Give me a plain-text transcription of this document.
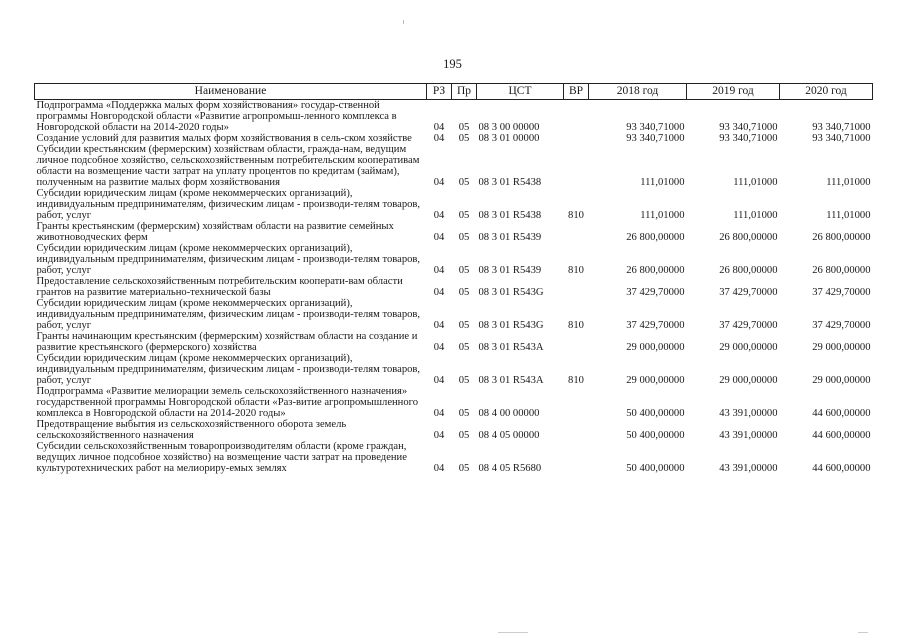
195
Наименование	РЗ	Пр	ЦСТ	ВР	2018 год	2019 год	2020 год
Подпрограмма «Поддержка малых форм хозяйствования» государ-ственной программы Новгородской области «Развитие агропромыш-ленного комплекса в Новгородской области на 2014-2020 годы»	04	05	08 3 00 00000		93 340,71000	93 340,71000	93 340,71000
Создание условий для развития малых форм хозяйствования в сель-ском хозяйстве	04	05	08 3 01 00000		93 340,71000	93 340,71000	93 340,71000
Субсидии крестьянским (фермерским) хозяйствам области, гражда-нам, ведущим личное подсобное хозяйство, сельскохозяйственным потребительским кооперативам области на возмещение части затрат на уплату процентов по кредитам (займам), полученным на развитие малых форм хозяйствования	04	05	08 3 01 R5438		111,01000	111,01000	111,01000
Субсидии юридическим лицам (кроме некоммерческих организаций), индивидуальным предпринимателям, физическим лицам - производи-телям товаров, работ, услуг	04	05	08 3 01 R5438	810	111,01000	111,01000	111,01000
Гранты крестьянским (фермерским) хозяйствам области на развитие семейных животноводческих ферм	04	05	08 3 01 R5439		26 800,00000	26 800,00000	26 800,00000
Субсидии юридическим лицам (кроме некоммерческих организаций), индивидуальным предпринимателям, физическим лицам - производи-телям товаров, работ, услуг	04	05	08 3 01 R5439	810	26 800,00000	26 800,00000	26 800,00000
Предоставление сельскохозяйственным потребительским кооперати-вам области грантов на развитие материально-технической базы	04	05	08 3 01 R543G		37 429,70000	37 429,70000	37 429,70000
Субсидии юридическим лицам (кроме некоммерческих организаций), индивидуальным предпринимателям, физическим лицам - производи-телям товаров, работ, услуг	04	05	08 3 01 R543G	810	37 429,70000	37 429,70000	37 429,70000
Гранты начинающим крестьянским (фермерским) хозяйствам области на создание и развитие крестьянского (фермерского) хозяйства	04	05	08 3 01 R543A		29 000,00000	29 000,00000	29 000,00000
Субсидии юридическим лицам (кроме некоммерческих организаций), индивидуальным предпринимателям, физическим лицам - производи-телям товаров, работ, услуг	04	05	08 3 01 R543A	810	29 000,00000	29 000,00000	29 000,00000
Подпрограмма «Развитие мелиорации земель сельскохозяйственного назначения» государственной программы Новгородской области «Раз-витие агропромышленного комплекса в Новгородской области на 2014-2020 годы»	04	05	08 4 00 00000		50 400,00000	43 391,00000	44 600,00000
Предотвращение выбытия из сельскохозяйственного оборота земель сельскохозяйственного назначения	04	05	08 4 05 00000		50 400,00000	43 391,00000	44 600,00000
Субсидии сельскохозяйственным товаропроизводителям области (кроме граждан, ведущих личное подсобное хозяйство) на возмещение части затрат на проведение культуротехнических работ на мелиориру-емых землях	04	05	08 4 05 R5680		50 400,00000	43 391,00000	44 600,00000
